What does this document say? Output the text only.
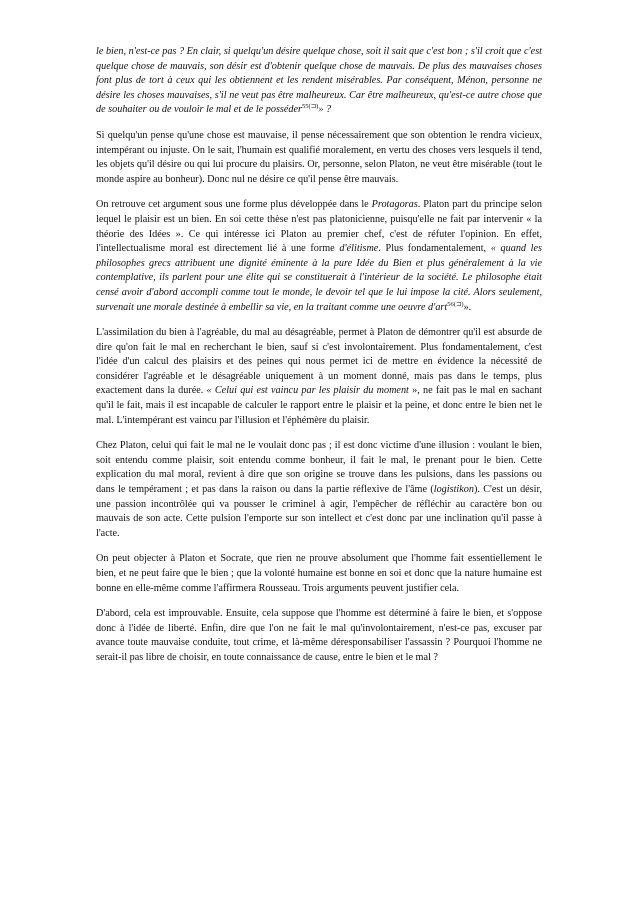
le bien, n'est-ce pas ? En clair, si quelqu'un désire quelque chose, soit il sait que c'est bon ; s'il croit que c'est quelque chose de mauvais, son désir est d'obtenir quelque chose de mauvais. De plus des mauvaises choses font plus de tort à ceux qui les obtiennent et les rendent misérables. Par conséquent, Ménon, personne ne désire les choses mauvaises, s'il ne veut pas être malheureux. Car être malheureux, qu'est-ce autre chose que de souhaiter ou de vouloir le mal et de le posséder$^{55(⊐)}$» ?

Si quelqu'un pense qu'une chose est mauvaise, il pense nécessairement que son obtention le rendra vicieux, intempérant ou injuste. On le sait, l'humain est qualifié moralement, en vertu des choses vers lesquels il tend, les objets qu'il désire ou qui lui procure du plaisirs. Or, personne, selon Platon, ne veut être misérable (tout le monde aspire au bonheur). Donc nul ne désire ce qu'il pense être mauvais.

On retrouve cet argument sous une forme plus développée dans le Protagoras. Platon part du principe selon lequel le plaisir est un bien. En soi cette thèse n'est pas platonicienne, puisqu'elle ne fait par intervenir « la théorie des Idées ». Ce qui intéresse ici Platon au premier chef, c'est de réfuter l'opinion. En effet, l'intellectualisme moral est directement lié à une forme d'élitisme. Plus fondamentalement, « quand les philosophes grecs attribuent une dignité éminente à la pure Idée du Bien et plus généralement à la vie contemplative, ils parlent pour une élite qui se constituerait à l'intérieur de la société. Le philosophe était censé avoir d'abord accompli comme tout le monde, le devoir tel que le lui impose la cité. Alors seulement, survenait une morale destinée à embellir sa vie, en la traitant comme une oeuvre d'art$^{56(⊐)}$».

L'assimilation du bien à l'agréable, du mal au désagréable, permet à Platon de démontrer qu'il est absurde de dire qu'on fait le mal en recherchant le bien, sauf si c'est involontairement. Plus fondamentalement, c'est l'idée d'un calcul des plaisirs et des peines qui nous permet ici de mettre en évidence la nécessité de considérer l'agréable et le désagréable uniquement à un moment donné, mais pas dans le temps, plus exactement dans la durée. « Celui qui est vaincu par les plaisir du moment », ne fait pas le mal en sachant qu'il le fait, mais il est incapable de calculer le rapport entre le plaisir et la peine, et donc entre le bien net le mal. L'intempérant est vaincu par l'illusion et l'éphémère du plaisir.

Chez Platon, celui qui fait le mal ne le voulait donc pas ; il est donc victime d'une illusion : voulant le bien, soit entendu comme plaisir, soit entendu comme bonheur, il fait le mal, le prenant pour le bien. Cette explication du mal moral, revient à dire que son origine se trouve dans les pulsions, dans les passions ou dans le tempérament ; et pas dans la raison ou dans la partie réflexive de l'âme (logistikon). C'est un désir, une passion incontrôlée qui va pousser le criminel à agir, l'empêcher de réfléchir au caractère bon ou mauvais de son acte. Cette pulsion l'emporte sur son intellect et c'est donc par une inclination qu'il passe à l'acte.

On peut objecter à Platon et Socrate, que rien ne prouve absolument que l'homme fait essentiellement le bien, et ne peut faire que le bien ; que la volonté humaine est bonne en soi et donc que la nature humaine est bonne en elle-même comme l'affirmera Rousseau. Trois arguments peuvent justifier cela.

D'abord, cela est improuvable. Ensuite, cela suppose que l'homme est déterminé à faire le bien, et s'oppose donc à l'idée de liberté. Enfin, dire que l'on ne fait le mal qu'involontairement, n'est-ce pas, excuser par avance toute mauvaise conduite, tout crime, et là-même déresponsabiliser l'assassin ? Pourquoi l'homme ne serait-il pas libre de choisir, en toute connaissance de cause, entre le bien et le mal ?
